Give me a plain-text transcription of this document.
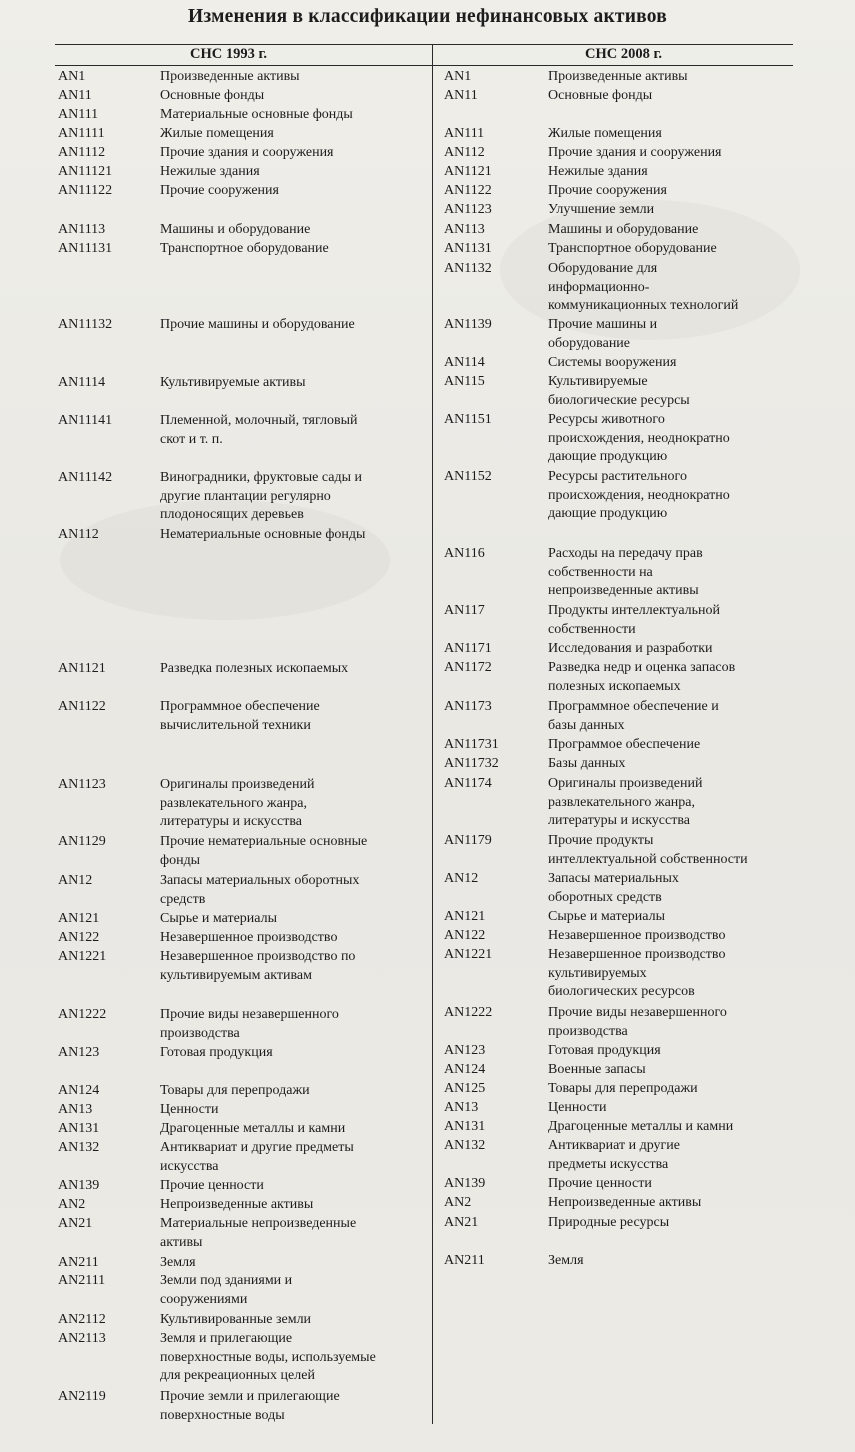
Изменения в классификации нефинансовых активов
СНС 1993 г.	СНС 2008 г.
AN1	Произведенные активы
AN11	Основные фонды
AN111	Материальные основные фонды
AN1111	Жилые помещения
AN1112	Прочие здания и сооружения
AN11121	Нежилые здания
AN11122	Прочие сооружения
AN1113	Машины и оборудование
AN11131	Транспортное оборудование
AN11132	Прочие машины и оборудование
AN1114	Культивируемые активы
AN11141	Племенной, молочный, тягловый
скот и т. п.
AN11142	Виноградники, фруктовые сады и
другие плантации регулярно
плодоносящих деревьев
AN112	Нематериальные основные фонды
AN1121	Разведка полезных ископаемых
AN1122	Программное обеспечение
вычислительной техники
AN1123	Оригиналы произведений
развлекательного жанра,
литературы и искусства
AN1129	Прочие нематериальные основные
фонды
AN12	Запасы материальных оборотных
средств
AN121	Сырье и материалы
AN122	Незавершенное производство
AN1221	Незавершенное производство по
культивируемым активам
AN1222	Прочие виды незавершенного
производства
AN123	Готовая продукция
AN124	Товары для перепродажи
AN13	Ценности
AN131	Драгоценные металлы и камни
AN132	Антиквариат и другие предметы
искусства
AN139	Прочие ценности
AN2	Непроизведенные активы
AN21	Материальные непроизведенные
активы
AN211	Земля
AN2111	Земли под зданиями и
сооружениями
AN2112	Культивированные земли
AN2113	Земля и прилегающие
поверхностные воды, используемые
для рекреационных целей
AN2119	Прочие земли и прилегающие
поверхностные воды
AN1	Произведенные активы
AN11	Основные фонды
AN111	Жилые помещения
AN112	Прочие здания и сооружения
AN1121	Нежилые здания
AN1122	Прочие сооружения
AN1123	Улучшение земли
AN113	Машины и оборудование
AN1131	Транспортное оборудование
AN1132	Оборудование для
информационно-
коммуникационных технологий
AN1139	Прочие машины и
оборудование
AN114	Системы вооружения
AN115	Культивируемые
биологические ресурсы
AN1151	Ресурсы животного
происхождения, неоднократно
дающие продукцию
AN1152	Ресурсы растительного
происхождения, неоднократно
дающие продукцию
AN116	Расходы на передачу прав
собственности на
непроизведенные активы
AN117	Продукты интеллектуальной
собственности
AN1171	Исследования и разработки
AN1172	Разведка недр и оценка запасов
полезных ископаемых
AN1173	Программное обеспечение и
базы данных
AN11731	Программое обеспечение
AN11732	Базы данных
AN1174	Оригиналы произведений
развлекательного жанра,
литературы и искусства
AN1179	Прочие продукты
интеллектуальной собственности
AN12	Запасы материальных
оборотных средств
AN121	Сырье и материалы
AN122	Незавершенное производство
AN1221	Незавершенное производство
культивируемых
биологических ресурсов
AN1222	Прочие виды незавершенного
производства
AN123	Готовая продукция
AN124	Военные запасы
AN125	Товары для перепродажи
AN13	Ценности
AN131	Драгоценные металлы и камни
AN132	Антиквариат и другие
предметы искусства
AN139	Прочие ценности
AN2	Непроизведенные активы
AN21	Природные ресурсы
AN211	Земля
